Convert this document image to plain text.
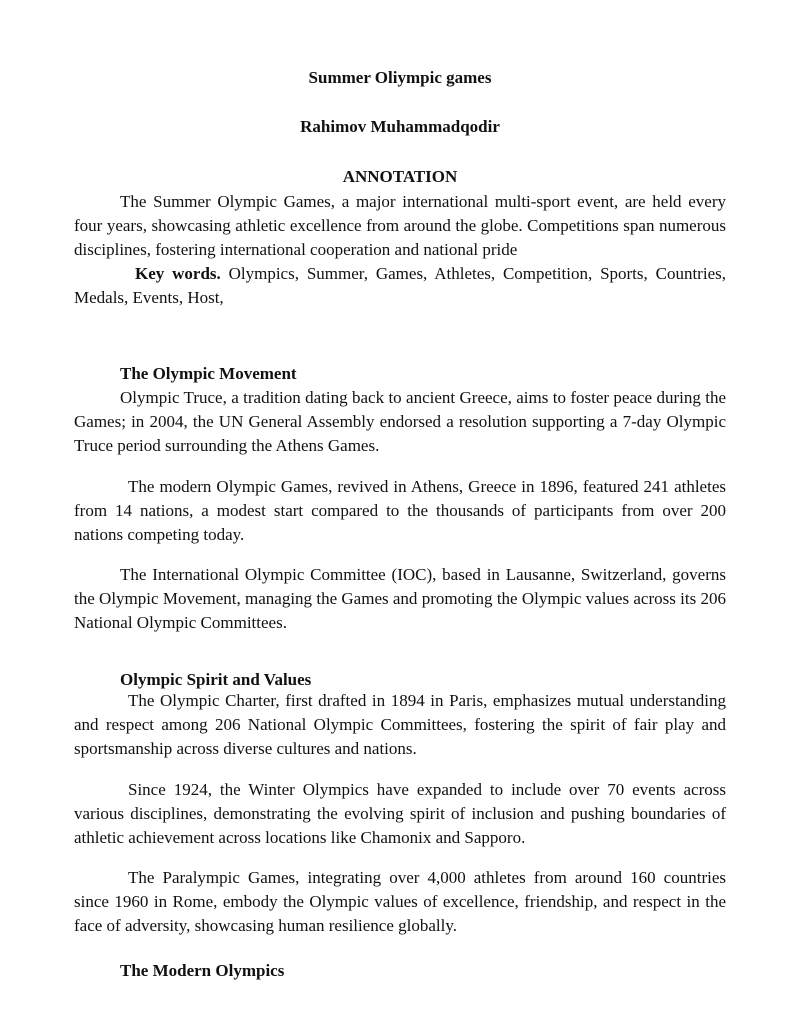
Summer Oliympic games
Rahimov Muhammadqodir
ANNOTATION

The Summer Olympic Games, a major international multi-sport event, are held every four years, showcasing athletic excellence from around the globe. Competitions span numerous disciplines, fostering international cooperation and national pride

Key words. Olympics, Summer, Games, Athletes, Competition, Sports, Countries, Medals, Events, Host,

The Olympic Movement

Olympic Truce, a tradition dating back to ancient Greece, aims to foster peace during the Games; in 2004, the UN General Assembly endorsed a resolution supporting a 7-day Olympic Truce period surrounding the Athens Games.

The modern Olympic Games, revived in Athens, Greece in 1896, featured 241 athletes from 14 nations, a modest start compared to the thousands of participants from over 200 nations competing today.

The International Olympic Committee (IOC), based in Lausanne, Switzerland, governs the Olympic Movement, managing the Games and promoting the Olympic values across its 206 National Olympic Committees.

Olympic Spirit and Values

The Olympic Charter, first drafted in 1894 in Paris, emphasizes mutual understanding and respect among 206 National Olympic Committees, fostering the spirit of fair play and sportsmanship across diverse cultures and nations.

Since 1924, the Winter Olympics have expanded to include over 70 events across various disciplines, demonstrating the evolving spirit of inclusion and pushing boundaries of athletic achievement across locations like Chamonix and Sapporo.

The Paralympic Games, integrating over 4,000 athletes from around 160 countries since 1960 in Rome, embody the Olympic values of excellence, friendship, and respect in the face of adversity, showcasing human resilience globally.

The Modern Olympics
